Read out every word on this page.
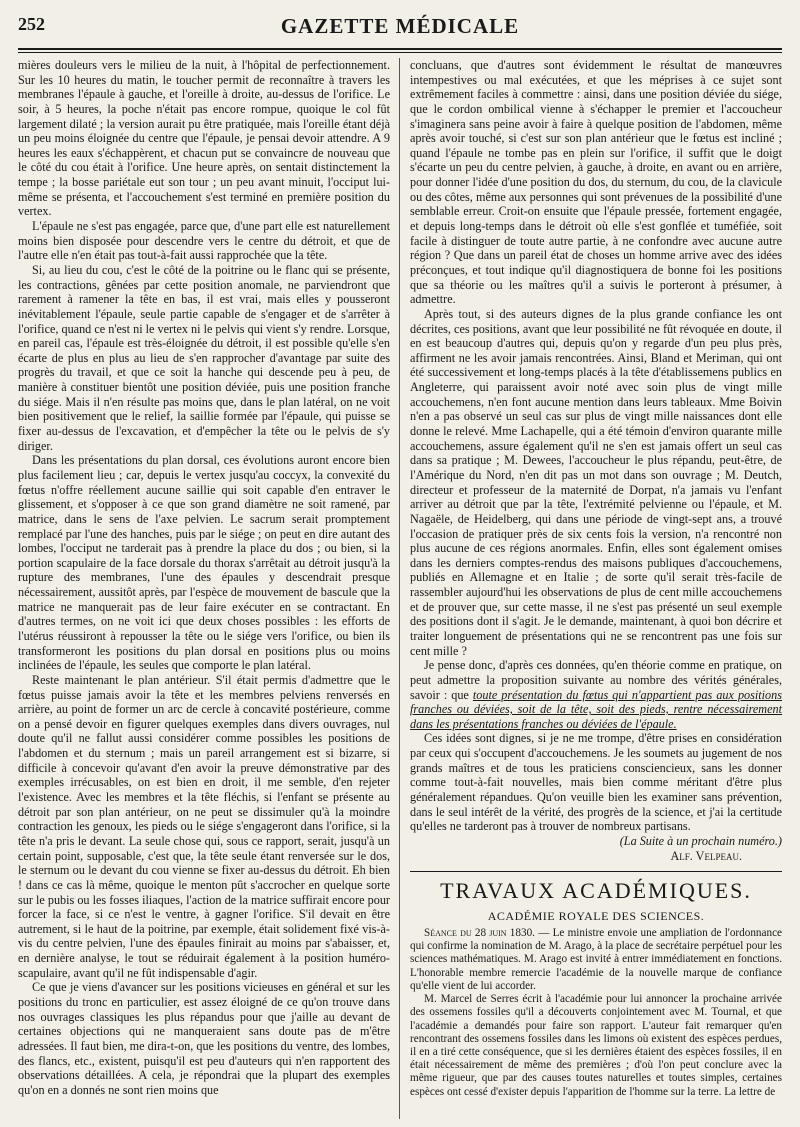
252	GAZETTE MÉDICALE

mières douleurs vers le milieu de la nuit, à l'hôpital de perfectionnement. Sur les 10 heures du matin, le toucher permit de reconnaître à travers les membranes l'épaule à gauche, et l'oreille à droite, au-dessus de l'orifice. Le soir, à 5 heures, la poche n'était pas encore rompue, quoique le col fût largement dilaté ; la version aurait pu être pratiquée, mais l'oreille étant déjà un peu moins éloignée du centre que l'épaule, je pensai devoir attendre. A 9 heures les eaux s'échappèrent, et chacun put se convaincre de nouveau que le côté du cou était à l'orifice. Une heure après, on sentait distinctement la tempe ; la bosse pariétale eut son tour ; un peu avant minuit, l'occiput lui-même se présenta, et l'accouchement s'est terminé en première position du vertex.

L'épaule ne s'est pas engagée, parce que, d'une part elle est naturellement moins bien disposée pour descendre vers le centre du détroit, et que de l'autre elle n'en était pas tout-à-fait aussi rapprochée que la tête.

Si, au lieu du cou, c'est le côté de la poitrine ou le flanc qui se présente, les contractions, gênées par cette position anomale, ne parviendront que rarement à ramener la tête en bas, il est vrai, mais elles y pousseront inévitablement l'épaule, seule partie capable de s'engager et de s'arrêter à l'orifice, quand ce n'est ni le vertex ni le pelvis qui vient s'y rendre. Lorsque, en pareil cas, l'épaule est très-éloignée du détroit, il est possible qu'elle s'en écarte de plus en plus au lieu de s'en rapprocher d'avantage par suite des progrès du travail, et que ce soit la hanche qui descende peu à peu, de manière à constituer bientôt une position déviée, puis une position franche du siége. Mais il n'en résulte pas moins que, dans le plan latéral, on ne voit bien positivement que le relief, la saillie formée par l'épaule, qui puisse se fixer au-dessus de l'excavation, et d'empêcher la tête ou le pelvis de s'y diriger.

Dans les présentations du plan dorsal, ces évolutions auront encore bien plus facilement lieu ; car, depuis le vertex jusqu'au coccyx, la convexité du fœtus n'offre réellement aucune saillie qui soit capable d'en entraver le glissement, et s'opposer à ce que son grand diamètre ne soit ramené, par matrice, dans le sens de l'axe pelvien. Le sacrum serait promptement remplacé par l'une des hanches, puis par le siége ; on peut en dire autant des lombes, l'occiput ne tarderait pas à prendre la place du dos ; ou bien, si la portion scapulaire de la face dorsale du thorax s'arrêtait au détroit jusqu'à la rupture des membranes, l'une des épaules y descendrait presque nécessairement, aussitôt après, par l'espèce de mouvement de bascule que la matrice ne manquerait pas de leur faire exécuter en se contractant. En d'autres termes, on ne voit ici que deux choses possibles : les efforts de l'utérus réussiront à repousser la tête ou le siége vers l'orifice, ou bien ils transformeront les positions du plan dorsal en positions plus ou moins inclinées de l'épaule, les seules que comporte le plan latéral.

Reste maintenant le plan antérieur. S'il était permis d'admettre que le fœtus puisse jamais avoir la tête et les membres pelviens renversés en arrière, au point de former un arc de cercle à concavité postérieure, comme on a pensé devoir en figurer quelques exemples dans divers ouvrages, nul doute qu'il ne fallut aussi considérer comme possibles les positions de l'abdomen et du sternum ; mais un pareil arrangement est si bizarre, si difficile à concevoir qu'avant d'en avoir la preuve démonstrative par des exemples irrécusables, on est bien en droit, il me semble, d'en rejeter l'existence. Avec les membres et la tête fléchis, si l'enfant se présente au détroit par son plan antérieur, on ne peut se dissimuler qu'à la moindre contraction les genoux, les pieds ou le siége s'engageront dans l'orifice, si la tête n'a pris le devant. La seule chose qui, sous ce rapport, serait, jusqu'à un certain point, supposable, c'est que, la tête seule étant renversée sur le dos, le sternum ou le devant du cou vienne se fixer au-dessus du détroit. Eh bien ! dans ce cas là même, quoique le menton pût s'accrocher en quelque sorte sur le pubis ou les fosses iliaques, l'action de la matrice suffirait encore pour forcer la face, si ce n'est le ventre, à gagner l'orifice. S'il devait en être autrement, si le haut de la poitrine, par exemple, était solidement fixé vis-à-vis du centre pelvien, l'une des épaules finirait au moins par s'abaisser, et, en dernière analyse, le tout se réduirait également à la position huméro-scapulaire, avant qu'il ne fût indispensable d'agir.

Ce que je viens d'avancer sur les positions vicieuses en général et sur les positions du tronc en particulier, est assez éloigné de ce qu'on trouve dans nos ouvrages classiques les plus répandus pour que j'aille au devant de certaines objections qui ne manqueraient sans doute pas de m'être adressées. Il faut bien, me dira-t-on, que les positions du ventre, des lombes, des flancs, etc., existent, puisqu'il est peu d'auteurs qui n'en rapportent des observations détaillées. A cela, je répondrai que la plupart des exemples qu'on en a donnés ne sont rien moins que

concluans, que d'autres sont évidemment le résultat de manœuvres intempestives ou mal exécutées, et que les méprises à ce sujet sont extrêmement faciles à commettre : ainsi, dans une position déviée du siége, que le cordon ombilical vienne à s'échapper le premier et l'accoucheur s'imaginera sans peine avoir à faire à quelque position de l'abdomen, même après avoir touché, si c'est sur son plan antérieur que le fœtus est incliné ; quand l'épaule ne tombe pas en plein sur l'orifice, il suffit que le doigt s'écarte un peu du centre pelvien, à gauche, à droite, en avant ou en arrière, pour donner l'idée d'une position du dos, du sternum, du cou, de la clavicule ou des côtes, même aux personnes qui sont prévenues de la possibilité d'une semblable erreur. Croit-on ensuite que l'épaule pressée, fortement engagée, et depuis long-temps dans le détroit où elle s'est gonflée et tuméfiée, soit facile à distinguer de toute autre partie, à ne confondre avec aucune autre région ? Que dans un pareil état de choses un homme arrive avec des idées préconçues, et tout indique qu'il diagnostiquera de bonne foi les positions que sa théorie ou les maîtres qu'il a suivis le porteront à présumer, à admettre.

Après tout, si des auteurs dignes de la plus grande confiance les ont décrites, ces positions, avant que leur possibilité ne fût révoquée en doute, il en est beaucoup d'autres qui, depuis qu'on y regarde d'un peu plus près, affirment ne les avoir jamais rencontrées. Ainsi, Bland et Meriman, qui ont été successivement et long-temps placés à la tête d'établissemens publics en Angleterre, qui paraissent avoir noté avec soin plus de vingt mille accouchemens, n'en font aucune mention dans leurs tableaux. Mme Boivin n'en a pas observé un seul cas sur plus de vingt mille naissances dont elle donne le relevé. Mme Lachapelle, qui a été témoin d'environ quarante mille accouchemens, assure également qu'il ne s'en est jamais offert un seul cas dans sa pratique ; M. Dewees, l'accoucheur le plus répandu, peut-être, de l'Amérique du Nord, n'en dit pas un mot dans son ouvrage ; M. Deutch, directeur et professeur de la maternité de Dorpat, n'a jamais vu l'enfant arriver au détroit que par la tête, l'extrémité pelvienne ou l'épaule, et M. Nagaële, de Heidelberg, qui dans une période de vingt-sept ans, a trouvé l'occasion de pratiquer près de six cents fois la version, n'a rencontré non plus aucune de ces régions anormales. Enfin, elles sont également omises dans les derniers comptes-rendus des maisons publiques d'accouchemens, publiés en Allemagne et en Italie ; de sorte qu'il serait très-facile de rassembler aujourd'hui les observations de plus de cent mille accouchemens et de prouver que, sur cette masse, il ne s'est pas présenté un seul exemple des positions dont il s'agit. Je le demande, maintenant, à quoi bon décrire et traiter longuement de présentations qui ne se rencontrent pas une fois sur cent mille ?

Je pense donc, d'après ces données, qu'en théorie comme en pratique, on peut admettre la proposition suivante au nombre des vérités générales, savoir : que toute présentation du fœtus qui n'appartient pas aux positions franches ou déviées, soit de la tête, soit des pieds, rentre nécessairement dans les présentations franches ou déviées de l'épaule.

Ces idées sont dignes, si je ne me trompe, d'être prises en considération par ceux qui s'occupent d'accouchemens. Je les soumets au jugement de nos grands maîtres et de tous les praticiens consciencieux, sans les donner comme tout-à-fait nouvelles, mais bien comme méritant d'être plus généralement répandues. Qu'on veuille bien les examiner sans prévention, dans le seul intérêt de la vérité, des progrès de la science, et j'ai la certitude qu'elles ne tarderont pas à trouver de nombreux partisans.

(La Suite à un prochain numéro.)

Alf. Velpeau.

TRAVAUX ACADÉMIQUES.
ACADÉMIE ROYALE DES SCIENCES.

Séance du 28 juin 1830. — Le ministre envoie une ampliation de l'ordonnance qui confirme la nomination de M. Arago, à la place de secrétaire perpétuel pour les sciences mathématiques. M. Arago est invité à entrer immédiatement en fonctions. L'honorable membre remercie l'académie de la nouvelle marque de confiance qu'elle vient de lui accorder.

M. Marcel de Serres écrit à l'académie pour lui annoncer la prochaine arrivée des ossemens fossiles qu'il a découverts conjointement avec M. Tournal, et que l'académie a demandés pour faire son rapport. L'auteur fait remarquer qu'en rencontrant des ossemens fossiles dans les limons où existent des espèces perdues, il en a tiré cette conséquence, que si les dernières étaient des espèces fossiles, il en était nécessairement de même des premières ; d'où l'on peut conclure avec la même rigueur, que par des causes toutes naturelles et toutes simples, certaines espèces ont cessé d'exister depuis l'apparition de l'homme sur la terre. La lettre de
